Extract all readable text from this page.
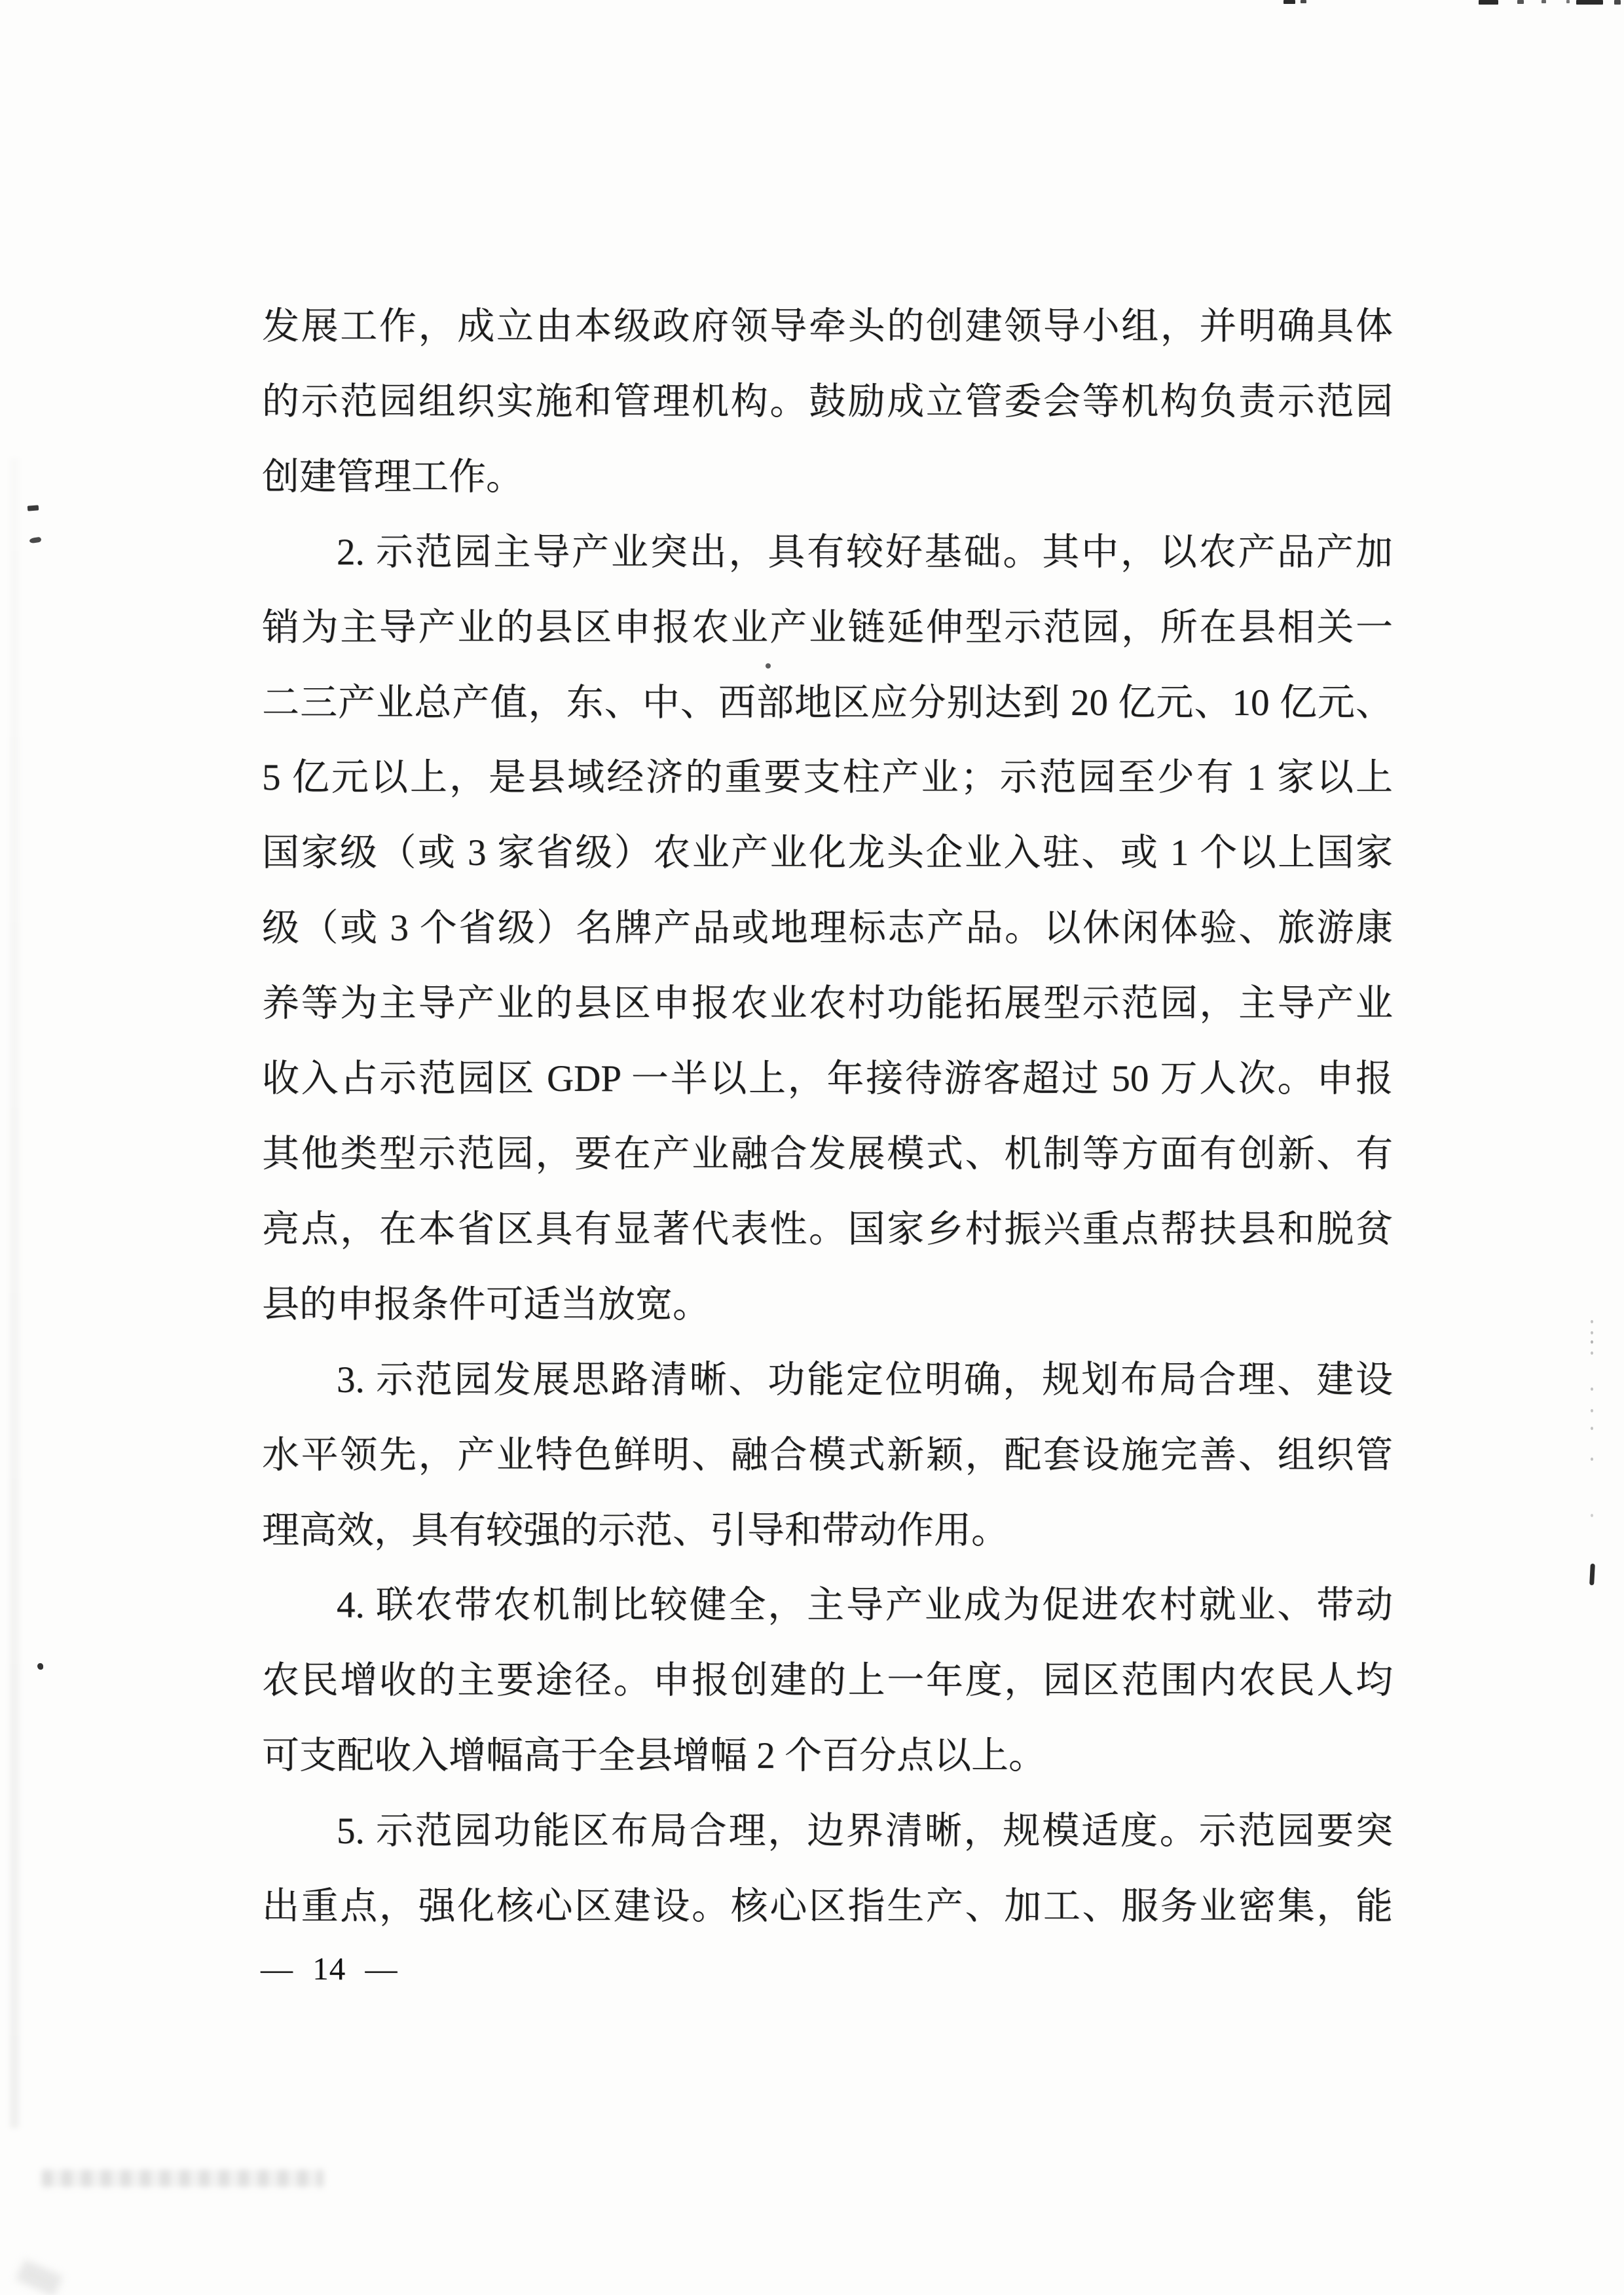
发展工作，成立由本级政府领导牵头的创建领导小组，并明确具体
的示范园组织实施和管理机构。鼓励成立管委会等机构负责示范园
创建管理工作。
2. 示范园主导产业突出，具有较好基础。其中，以农产品产加
销为主导产业的县区申报农业产业链延伸型示范园，所在县相关一
二三产业总产值，东、中、西部地区应分别达到 20 亿元、10 亿元、
5 亿元以上，是县域经济的重要支柱产业；示范园至少有 1 家以上
国家级（或 3 家省级）农业产业化龙头企业入驻、或 1 个以上国家
级（或 3 个省级）名牌产品或地理标志产品。以休闲体验、旅游康
养等为主导产业的县区申报农业农村功能拓展型示范园，主导产业
收入占示范园区 GDP 一半以上，年接待游客超过 50 万人次。申报
其他类型示范园，要在产业融合发展模式、机制等方面有创新、有
亮点，在本省区具有显著代表性。国家乡村振兴重点帮扶县和脱贫
县的申报条件可适当放宽。
3. 示范园发展思路清晰、功能定位明确，规划布局合理、建设
水平领先，产业特色鲜明、融合模式新颖，配套设施完善、组织管
理高效，具有较强的示范、引导和带动作用。
4. 联农带农机制比较健全，主导产业成为促进农村就业、带动
农民增收的主要途径。申报创建的上一年度，园区范围内农民人均
可支配收入增幅高于全县增幅 2 个百分点以上。
5. 示范园功能区布局合理，边界清晰，规模适度。示范园要突
出重点，强化核心区建设。核心区指生产、加工、服务业密集，能
— 14 —
